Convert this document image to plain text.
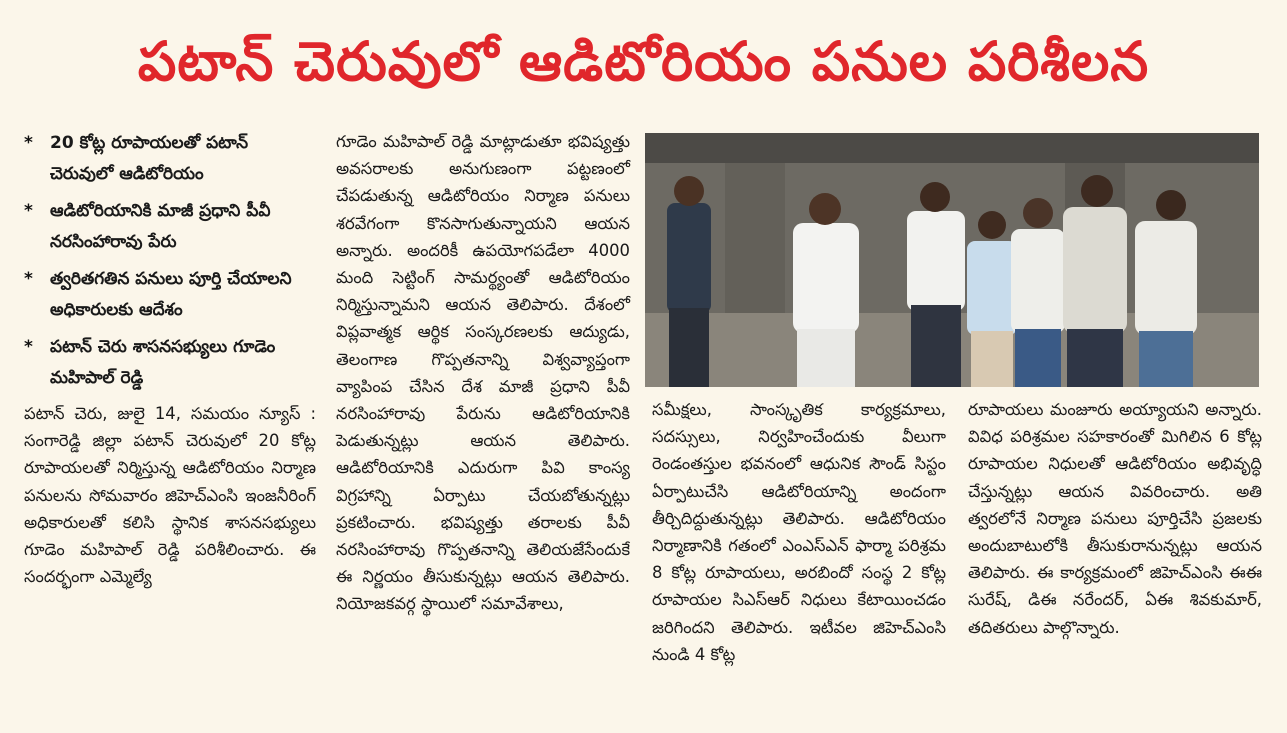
పటాన్ చెరువులో ఆడిటోరియం పనుల పరిశీలన
*	20 కోట్ల రూపాయలతో పటాన్ చెరువులో ఆడిటోరియం
*	ఆడిటోరియానికి మాజీ ప్రధాని పీవీ నరసింహారావు పేరు
*	త్వరితగతిన పనులు పూర్తి చేయాలని అధికారులకు ఆదేశం
*	పటాన్ చెరు శాసనసభ్యులు గూడెం మహిపాల్ రెడ్డి

పటాన్ చెరు, జులై 14, సమయం న్యూస్ : సంగారెడ్డి జిల్లా పటాన్ చెరువులో 20 కోట్ల రూపాయలతో నిర్మిస్తున్న ఆడిటోరియం నిర్మాణ పనులను సోమవారం జిహెచ్ఎంసి ఇంజనీరింగ్ అధికారులతో కలిసి స్థానిక శాసనసభ్యులు గూడెం మహిపాల్ రెడ్డి పరిశీలించారు. ఈ సందర్భంగా ఎమ్మెల్యే

గూడెం మహిపాల్ రెడ్డి మాట్లాడుతూ భవిష్యత్తు అవసరాలకు అనుగుణంగా పట్టణంలో చేపడుతున్న ఆడిటోరియం నిర్మాణ పనులు శరవేగంగా కొనసాగుతున్నాయని ఆయన అన్నారు. అందరికీ ఉపయోగపడేలా 4000 మంది సెట్టింగ్ సామర్థ్యంతో ఆడిటోరియం నిర్మిస్తున్నామని ఆయన తెలిపారు. దేశంలో విప్లవాత్మక ఆర్థిక సంస్కరణలకు ఆద్యుడు, తెలంగాణ గొప్పతనాన్ని విశ్వవ్యాప్తంగా వ్యాపింప చేసిన దేశ మాజీ ప్రధాని పీవీ నరసింహారావు పేరును ఆడిటోరియానికి పెడుతున్నట్లు ఆయన తెలిపారు. ఆడిటోరియానికి ఎదురుగా పివి కాంస్య విగ్రహాన్ని ఏర్పాటు చేయబోతున్నట్లు ప్రకటించారు. భవిష్యత్తు తరాలకు పీవీ నరసింహారావు గొప్పతనాన్ని తెలియజేసేందుకే ఈ నిర్ణయం తీసుకున్నట్లు ఆయన తెలిపారు. నియోజకవర్గ స్థాయిలో సమావేశాలు,

సమీక్షలు, సాంస్కృతిక కార్యక్రమాలు, సదస్సులు, నిర్వహించేందుకు వీలుగా రెండంతస్తుల భవనంలో ఆధునిక సౌండ్ సిస్టం ఏర్పాటుచేసి ఆడిటోరియాన్ని అందంగా తీర్చిదిద్దుతున్నట్లు తెలిపారు. ఆడిటోరియం నిర్మాణానికి గతంలో ఎంఎస్ఎన్ ఫార్మా పరిశ్రమ 8 కోట్ల రూపాయలు, అరబిందో సంస్థ 2 కోట్ల రూపాయల సిఎస్ఆర్ నిధులు కేటాయించడం జరిగిందని తెలిపారు. ఇటీవల జిహెచ్ఎంసి నుండి 4 కోట్ల

రూపాయలు మంజూరు అయ్యాయని అన్నారు. వివిధ పరిశ్రమల సహకారంతో మిగిలిన 6 కోట్ల రూపాయల నిధులతో ఆడిటోరియం అభివృద్ధి చేస్తున్నట్లు ఆయన వివరించారు. అతి త్వరలోనే నిర్మాణ పనులు పూర్తిచేసి ప్రజలకు అందుబాటులోకి తీసుకురానున్నట్లు ఆయన తెలిపారు. ఈ కార్యక్రమంలో జిహెచ్ఎంసి ఈఈ సురేష్, డిఈ నరేందర్, ఏఈ శివకుమార్, తదితరులు పాల్గొన్నారు.
